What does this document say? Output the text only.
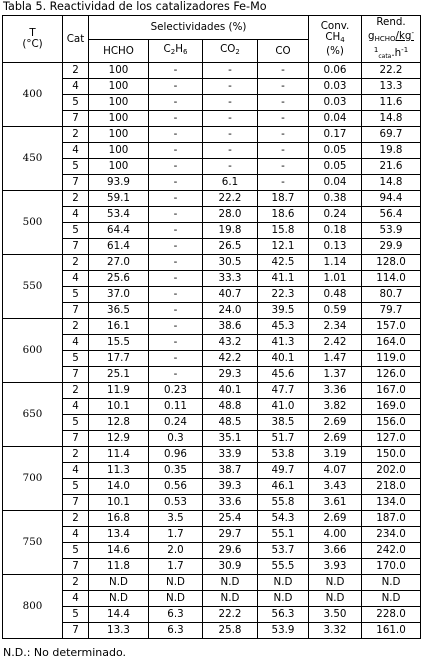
Tabla 5. Reactividad de los catalizadores Fe-Mo
T
(°C)	Cat	Selectividades (%)				Conv.
$CH_4$
(%)	Rend.
$g_{HCHO}/kg^-$
$^1_{cata}.h^{-1}$
		HCHO	$C_2H_6$	$CO_2$	CO		
400	2	100	-	-	-	0.06	22.2
	4	100	-	-	-	0.03	13.3
	5	100	-	-	-	0.03	11.6
	7	100	-	-	-	0.04	14.8
450	2	100	-	-	-	0.17	69.7
	4	100	-	-	-	0.05	19.8
	5	100	-	-	-	0.05	21.6
	7	93.9	-	6.1	-	0.04	14.8
500	2	59.1	-	22.2	18.7	0.38	94.4
	4	53.4	-	28.0	18.6	0.24	56.4
	5	64.4	-	19.8	15.8	0.18	53.9
	7	61.4	-	26.5	12.1	0.13	29.9
550	2	27.0	-	30.5	42.5	1.14	128.0
	4	25.6	-	33.3	41.1	1.01	114.0
	5	37.0	-	40.7	22.3	0.48	80.7
	7	36.5	-	24.0	39.5	0.59	79.7
600	2	16.1	-	38.6	45.3	2.34	157.0
	4	15.5	-	43.2	41.3	2.42	164.0
	5	17.7	-	42.2	40.1	1.47	119.0
	7	25.1	-	29.3	45.6	1.37	126.0
650	2	11.9	0.23	40.1	47.7	3.36	167.0
	4	10.1	0.11	48.8	41.0	3.82	169.0
	5	12.8	0.24	48.5	38.5	2.69	156.0
	7	12.9	0.3	35.1	51.7	2.69	127.0
700	2	11.4	0.96	33.9	53.8	3.19	150.0
	4	11.3	0.35	38.7	49.7	4.07	202.0
	5	14.0	0.56	39.3	46.1	3.43	218.0
	7	10.1	0.53	33.6	55.8	3.61	134.0
750	2	16.8	3.5	25.4	54.3	2.69	187.0
	4	13.4	1.7	29.7	55.1	4.00	234.0
	5	14.6	2.0	29.6	53.7	3.66	242.0
	7	11.8	1.7	30.9	55.5	3.93	170.0
800	2	N.D	N.D	N.D	N.D	N.D	N.D
	4	N.D	N.D	N.D	N.D	N.D	N.D
	5	14.4	6.3	22.2	56.3	3.50	228.0
	7	13.3	6.3	25.8	53.9	3.32	161.0
N.D.: No determinado.
